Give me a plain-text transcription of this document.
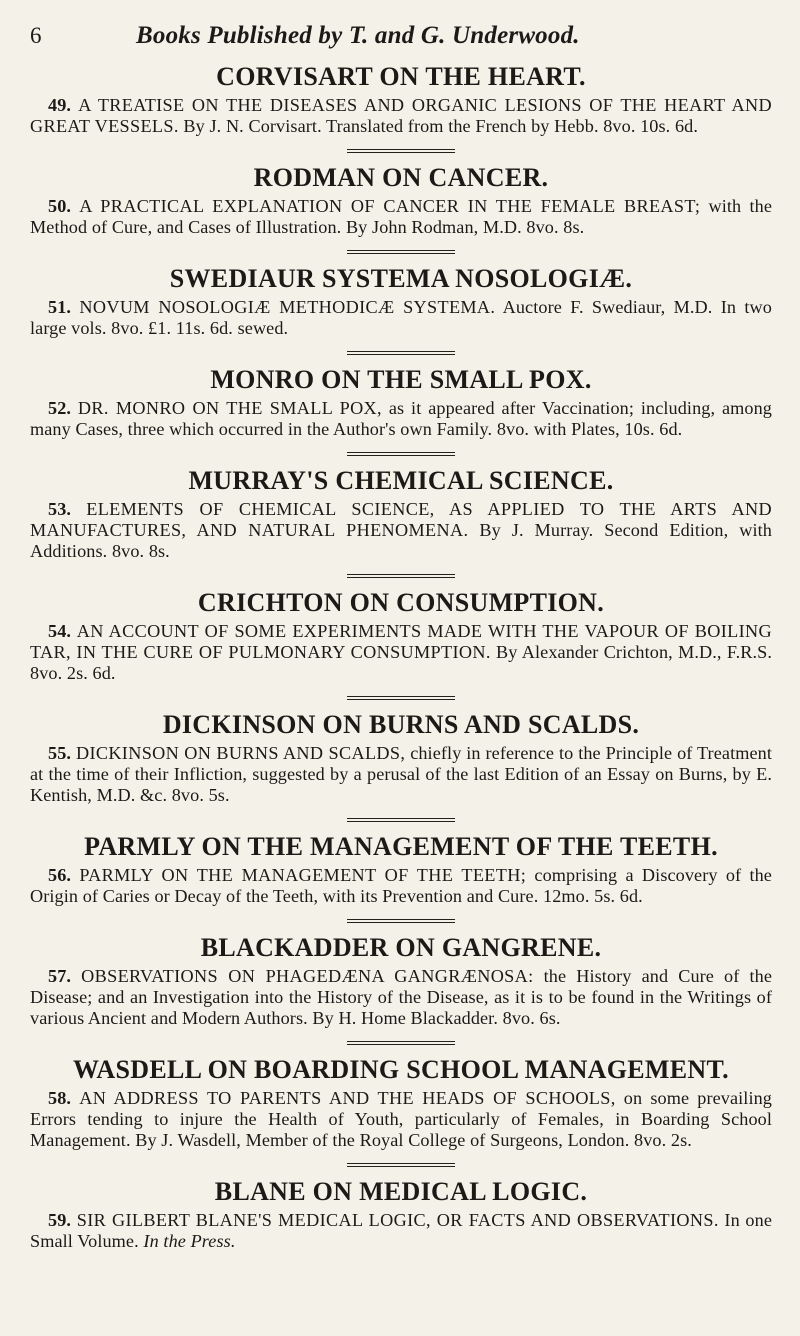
6	Books Published by T. and G. Underwood.
CORVISART ON THE HEART.

49. A TREATISE ON THE DISEASES AND ORGANIC LESIONS OF THE HEART AND GREAT VESSELS. By J. N. Corvisart. Translated from the French by Hebb. 8vo. 10s. 6d.

RODMAN ON CANCER.

50. A PRACTICAL EXPLANATION OF CANCER IN THE FEMALE BREAST; with the Method of Cure, and Cases of Illustration. By John Rodman, M.D. 8vo. 8s.

SWEDIAUR SYSTEMA NOSOLOGIÆ.

51. NOVUM NOSOLOGIÆ METHODICÆ SYSTEMA. Auctore F. Swediaur, M.D. In two large vols. 8vo. £1. 11s. 6d. sewed.

MONRO ON THE SMALL POX.

52. DR. MONRO ON THE SMALL POX, as it appeared after Vaccination; including, among many Cases, three which occurred in the Author's own Family. 8vo. with Plates, 10s. 6d.

MURRAY'S CHEMICAL SCIENCE.

53. ELEMENTS OF CHEMICAL SCIENCE, AS APPLIED TO THE ARTS AND MANUFACTURES, AND NATURAL PHENOMENA. By J. Murray. Second Edition, with Additions. 8vo. 8s.

CRICHTON ON CONSUMPTION.

54. AN ACCOUNT OF SOME EXPERIMENTS MADE WITH THE VAPOUR OF BOILING TAR, IN THE CURE OF PULMONARY CONSUMPTION. By Alexander Crichton, M.D., F.R.S. 8vo. 2s. 6d.

DICKINSON ON BURNS AND SCALDS.

55. DICKINSON ON BURNS AND SCALDS, chiefly in reference to the Principle of Treatment at the time of their Infliction, suggested by a perusal of the last Edition of an Essay on Burns, by E. Kentish, M.D. &c. 8vo. 5s.

PARMLY ON THE MANAGEMENT OF THE TEETH.

56. PARMLY ON THE MANAGEMENT OF THE TEETH; comprising a Discovery of the Origin of Caries or Decay of the Teeth, with its Prevention and Cure. 12mo. 5s. 6d.

BLACKADDER ON GANGRENE.

57. OBSERVATIONS ON PHAGEDÆNA GANGRÆNOSA: the History and Cure of the Disease; and an Investigation into the History of the Disease, as it is to be found in the Writings of various Ancient and Modern Authors. By H. Home Blackadder. 8vo. 6s.

WASDELL ON BOARDING SCHOOL MANAGEMENT.

58. AN ADDRESS TO PARENTS AND THE HEADS OF SCHOOLS, on some prevailing Errors tending to injure the Health of Youth, particularly of Females, in Boarding School Management. By J. Wasdell, Member of the Royal College of Surgeons, London. 8vo. 2s.

BLANE ON MEDICAL LOGIC.

59. SIR GILBERT BLANE'S MEDICAL LOGIC, OR FACTS AND OBSERVATIONS. In one Small Volume. In the Press.
